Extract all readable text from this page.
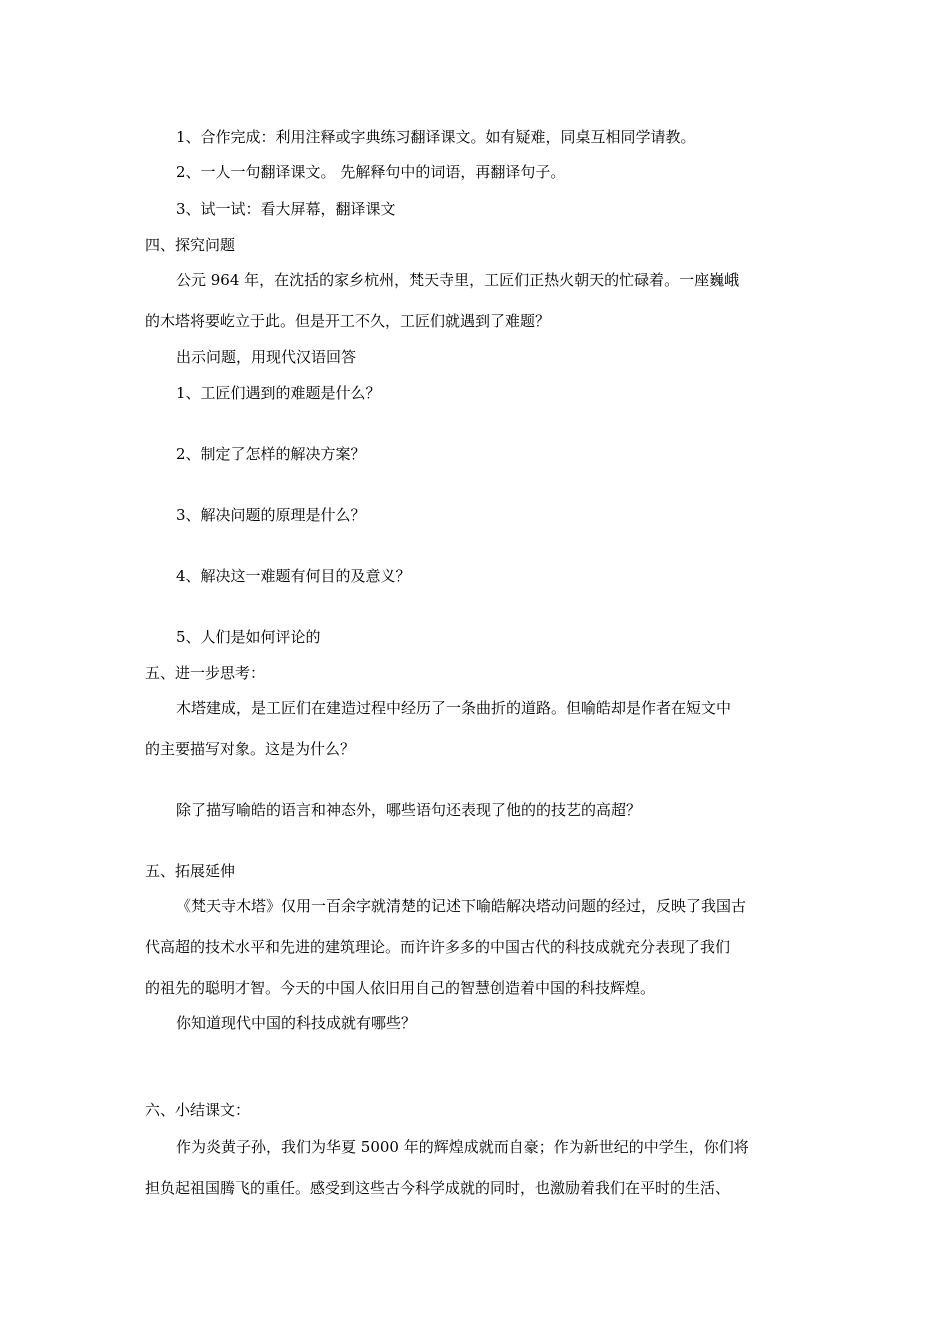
1、合作完成：利用注释或字典练习翻译课文。如有疑难，同桌互相同学请教。
2、一人一句翻译课文。 先解释句中的词语，再翻译句子。
3、试一试：看大屏幕，翻译课文
四、探究问题
公元 964 年，在沈括的家乡杭州，梵天寺里，工匠们正热火朝天的忙碌着。一座巍峨
的木塔将要屹立于此。但是开工不久，工匠们就遇到了难题？
出示问题，用现代汉语回答
1、工匠们遇到的难题是什么？
2、制定了怎样的解决方案？
3、解决问题的原理是什么？
4、解决这一难题有何目的及意义？
5、人们是如何评论的
五、进一步思考：
木塔建成，是工匠们在建造过程中经历了一条曲折的道路。但喻皓却是作者在短文中
的主要描写对象。这是为什么？
除了描写喻皓的语言和神态外，哪些语句还表现了他的的技艺的高超？
五、拓展延伸
《梵天寺木塔》仅用一百余字就清楚的记述下喻皓解决塔动问题的经过，反映了我国古
代高超的技术水平和先进的建筑理论。而许许多多的中国古代的科技成就充分表现了我们
的祖先的聪明才智。今天的中国人依旧用自己的智慧创造着中国的科技辉煌。
你知道现代中国的科技成就有哪些？
六、小结课文：
作为炎黄子孙，我们为华夏 5000 年的辉煌成就而自豪；作为新世纪的中学生，你们将
担负起祖国腾飞的重任。感受到这些古今科学成就的同时，也激励着我们在平时的生活、
